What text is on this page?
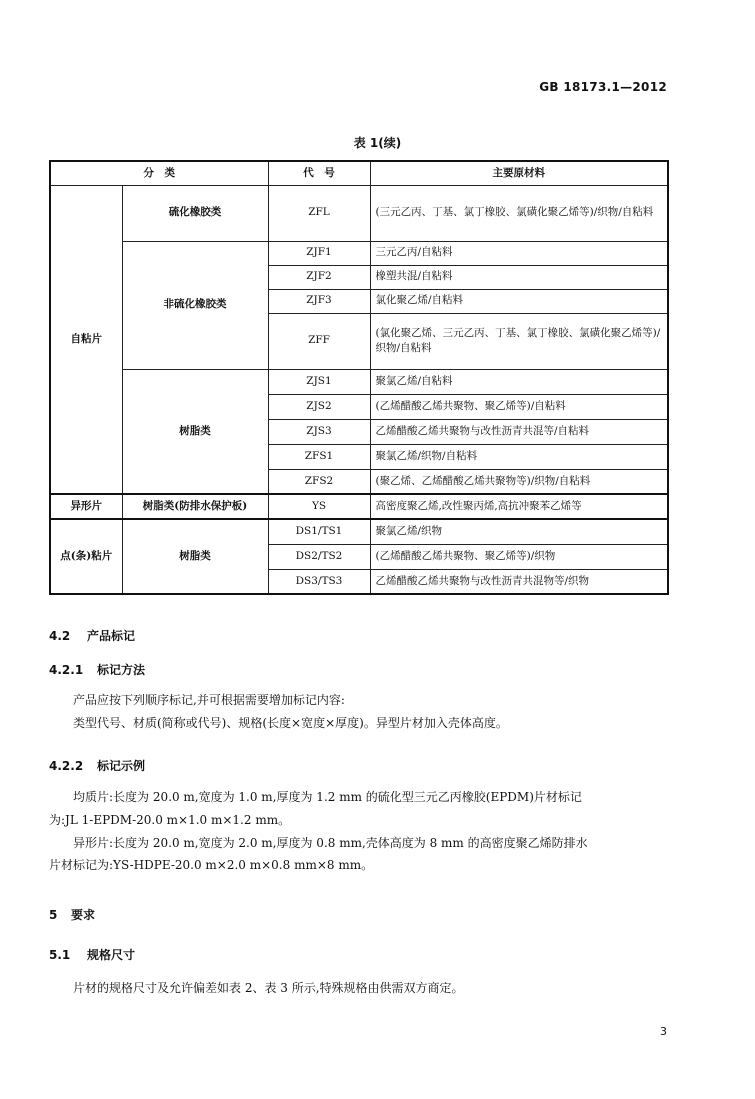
GB 18173.1—2012
表 1(续)
分　类		代　号	主要原材料
自粘片	硫化橡胶类	ZFL	(三元乙丙、丁基、氯丁橡胶、氯磺化聚乙烯等)/织物/自粘料
	非硫化橡胶类	ZJF1	三元乙丙/自粘料
		ZJF2	橡塑共混/自粘料
		ZJF3	氯化聚乙烯/自粘料
		ZFF	(氯化聚乙烯、三元乙丙、丁基、氯丁橡胶、氯磺化聚乙烯等)/织物/自粘料
	树脂类	ZJS1	聚氯乙烯/自粘料
		ZJS2	(乙烯醋酸乙烯共聚物、聚乙烯等)/自粘料
		ZJS3	乙烯醋酸乙烯共聚物与改性沥青共混等/自粘料
		ZFS1	聚氯乙烯/织物/自粘料
		ZFS2	(聚乙烯、乙烯醋酸乙烯共聚物等)/织物/自粘料
异形片	树脂类(防排水保护板)	YS	高密度聚乙烯,改性聚丙烯,高抗冲聚苯乙烯等
点(条)粘片	树脂类	DS1/TS1	聚氯乙烯/织物
		DS2/TS2	(乙烯醋酸乙烯共聚物、聚乙烯等)/织物
		DS3/TS3	乙烯醋酸乙烯共聚物与改性沥青共混物等/织物
4.2 产品标记
4.2.1 标记方法

产品应按下列顺序标记,并可根据需要增加标记内容:

类型代号、材质(简称或代号)、规格(长度×宽度×厚度)。异型片材加入壳体高度。

4.2.2 标记示例

均质片:长度为 20.0 m,宽度为 1.0 m,厚度为 1.2 mm 的硫化型三元乙丙橡胶(EPDM)片材标记

为:JL 1-EPDM-20.0 m×1.0 m×1.2 mm。

异形片:长度为 20.0 m,宽度为 2.0 m,厚度为 0.8 mm,壳体高度为 8 mm 的高密度聚乙烯防排水

片材标记为:YS-HDPE-20.0 m×2.0 m×0.8 mm×8 mm。

5 要求
5.1 规格尺寸

片材的规格尺寸及允许偏差如表 2、表 3 所示,特殊规格由供需双方商定。

3
